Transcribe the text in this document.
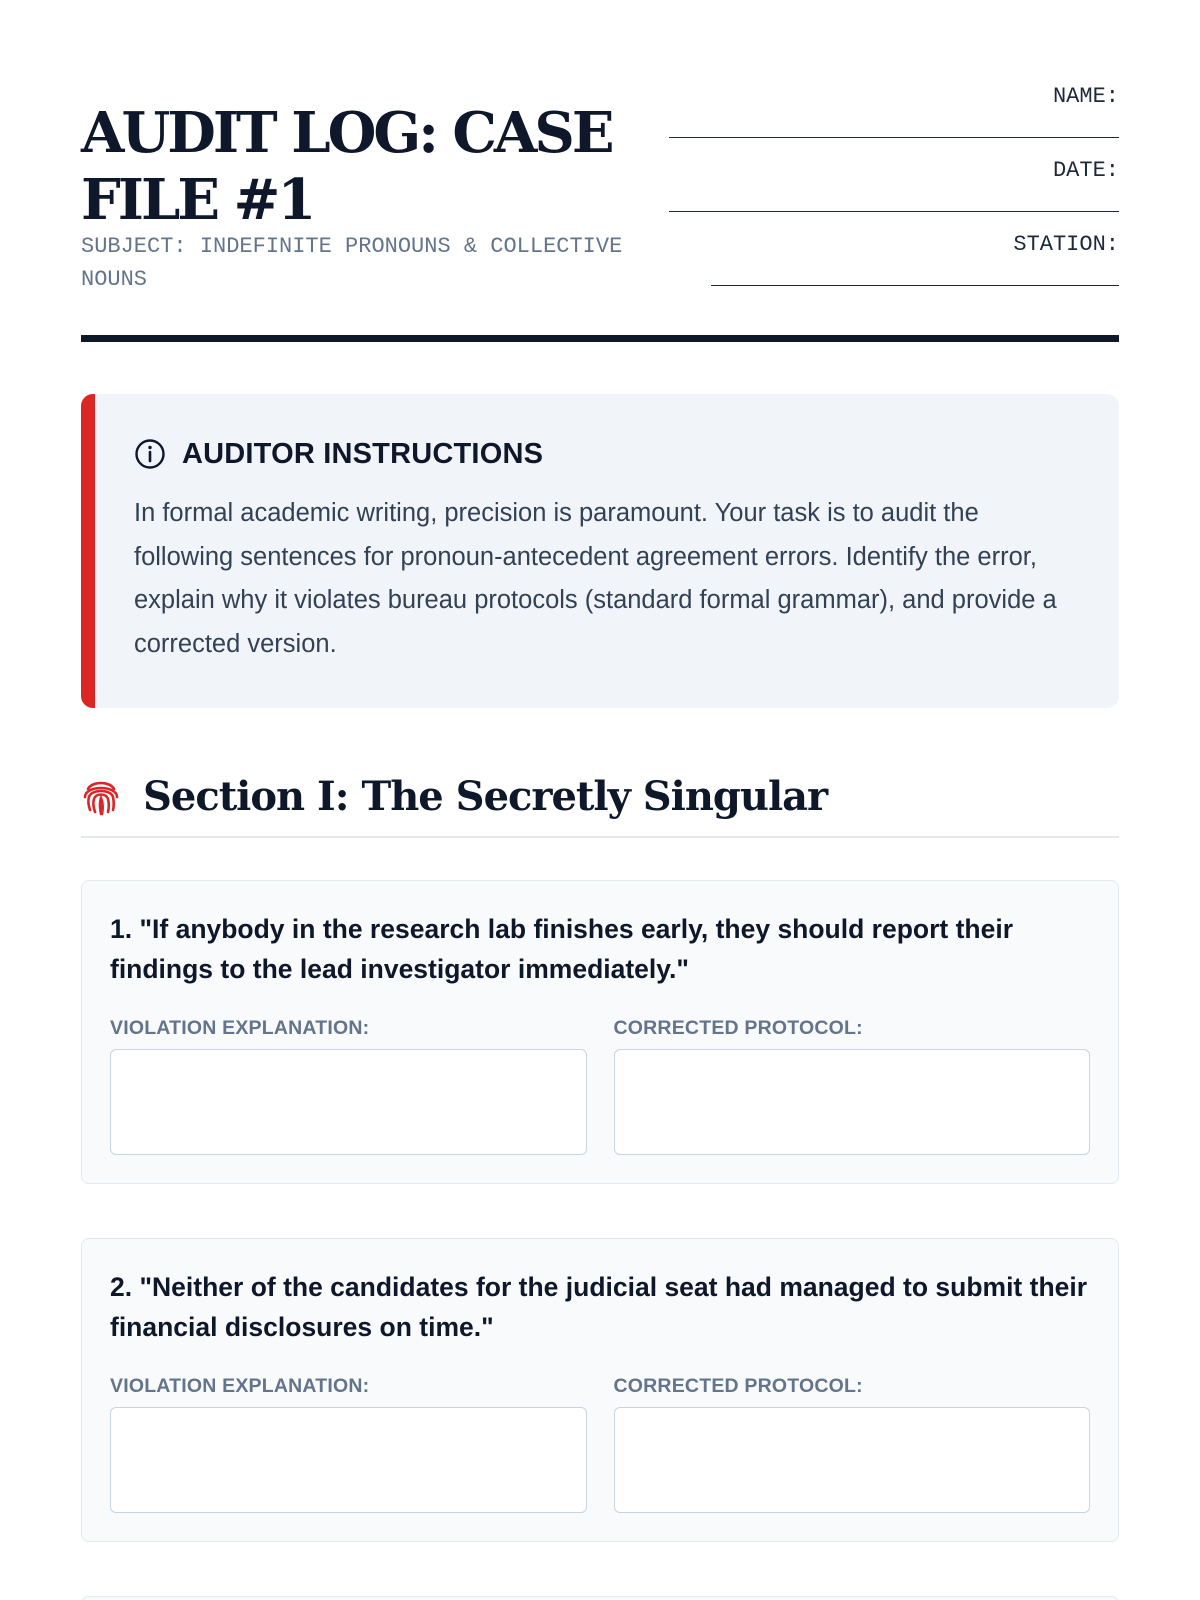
AUDIT LOG: CASE FILE #1
SUBJECT: INDEFINITE PRONOUNS & COLLECTIVE NOUNS
NAME:
DATE:
STATION:
AUDITOR INSTRUCTIONS

In formal academic writing, precision is paramount. Your task is to audit the following sentences for pronoun-antecedent agreement errors. Identify the error, explain why it violates bureau protocols (standard formal grammar), and provide a corrected version.

Section I: The Secretly Singular

1. "If anybody in the research lab finishes early, they should report their findings to the lead investigator immediately."

VIOLATION EXPLANATION:	CORRECTED PROTOCOL:

2. "Neither of the candidates for the judicial seat had managed to submit their financial disclosures on time."

VIOLATION EXPLANATION:	CORRECTED PROTOCOL:
